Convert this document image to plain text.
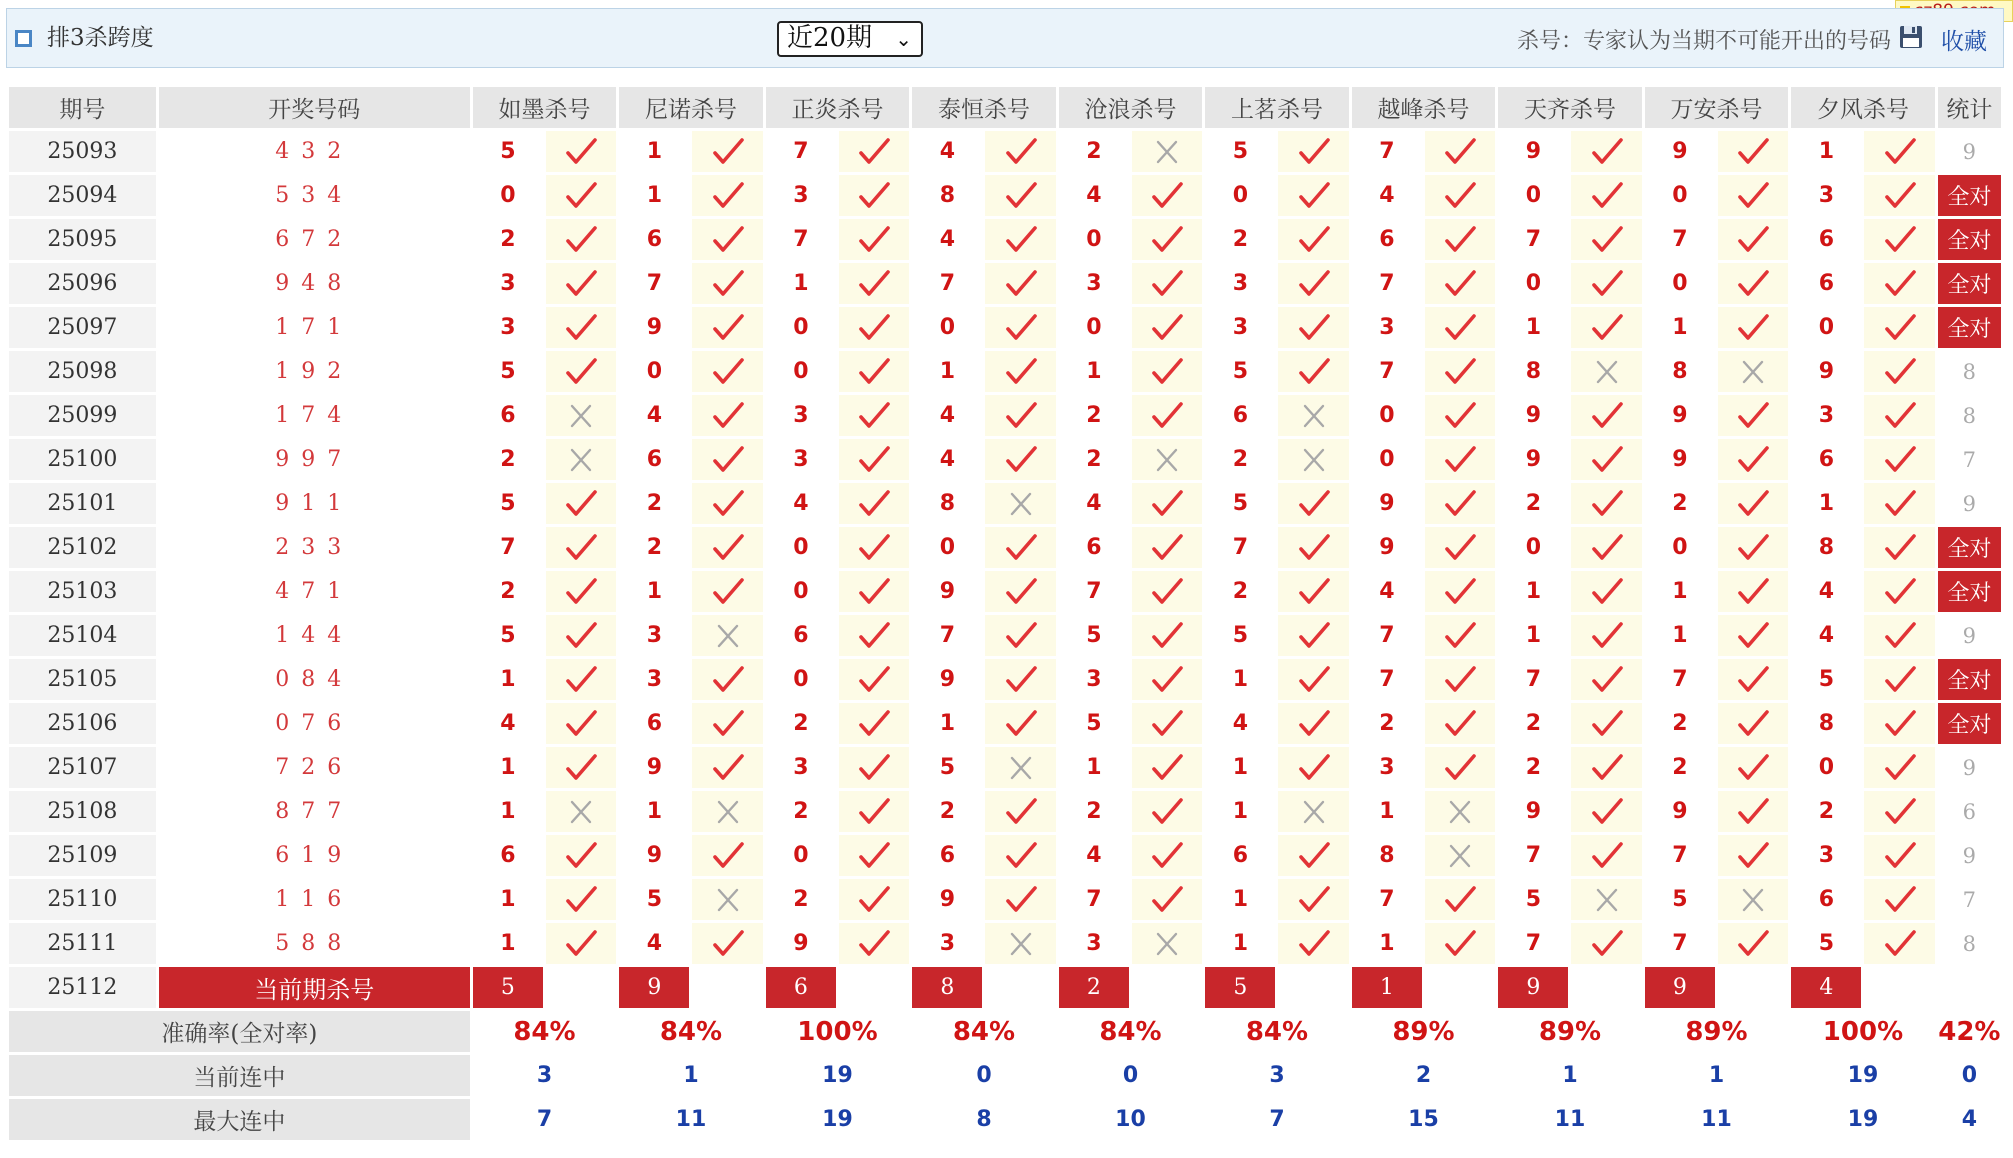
排3杀跨度	近20期 ⌄	杀号：专家认为当期不可能开出的号码 收藏
期号	开奖号码	如墨杀号		尼诺杀号		正炎杀号		泰恒杀号		沧浪杀号		上茗杀号		越峰杀号		天齐杀号		万安杀号		夕风杀号		统计
25093	432	5		1		7		4		2		5		7		9		9		1		9
25094	534	0		1		3		8		4		0		4		0		0		3		全对
25095	672	2		6		7		4		0		2		6		7		7		6		全对
25096	948	3		7		1		7		3		3		7		0		0		6		全对
25097	171	3		9		0		0		0		3		3		1		1		0		全对
25098	192	5		0		0		1		1		5		7		8		8		9		8
25099	174	6		4		3		4		2		6		0		9		9		3		8
25100	997	2		6		3		4		2		2		0		9		9		6		7
25101	911	5		2		4		8		4		5		9		2		2		1		9
25102	233	7		2		0		0		6		7		9		0		0		8		全对
25103	471	2		1		0		9		7		2		4		1		1		4		全对
25104	144	5		3		6		7		5		5		7		1		1		4		9
25105	084	1		3		0		9		3		1		7		7		7		5		全对
25106	076	4		6		2		1		5		4		2		2		2		8		全对
25107	726	1		9		3		5		1		1		3		2		2		0		9
25108	877	1		1		2		2		2		1		1		9		9		2		6
25109	619	6		9		0		6		4		6		8		7		7		3		9
25110	116	1		5		2		9		7		1		7		5		5		6		7
25111	588	1		4		9		3		3		1		1		7		7		5		8
25112	当前期杀号	5		9		6		8		2		5		1		9		9		4		
准确率(全对率)		84%		84%		100%		84%		84%		84%		89%		89%		89%		100%		42%
当前连中		3		1		19		0		0		3		2		1		1		19		0
最大连中		7		11		19		8		10		7		15		11		11		19		4
